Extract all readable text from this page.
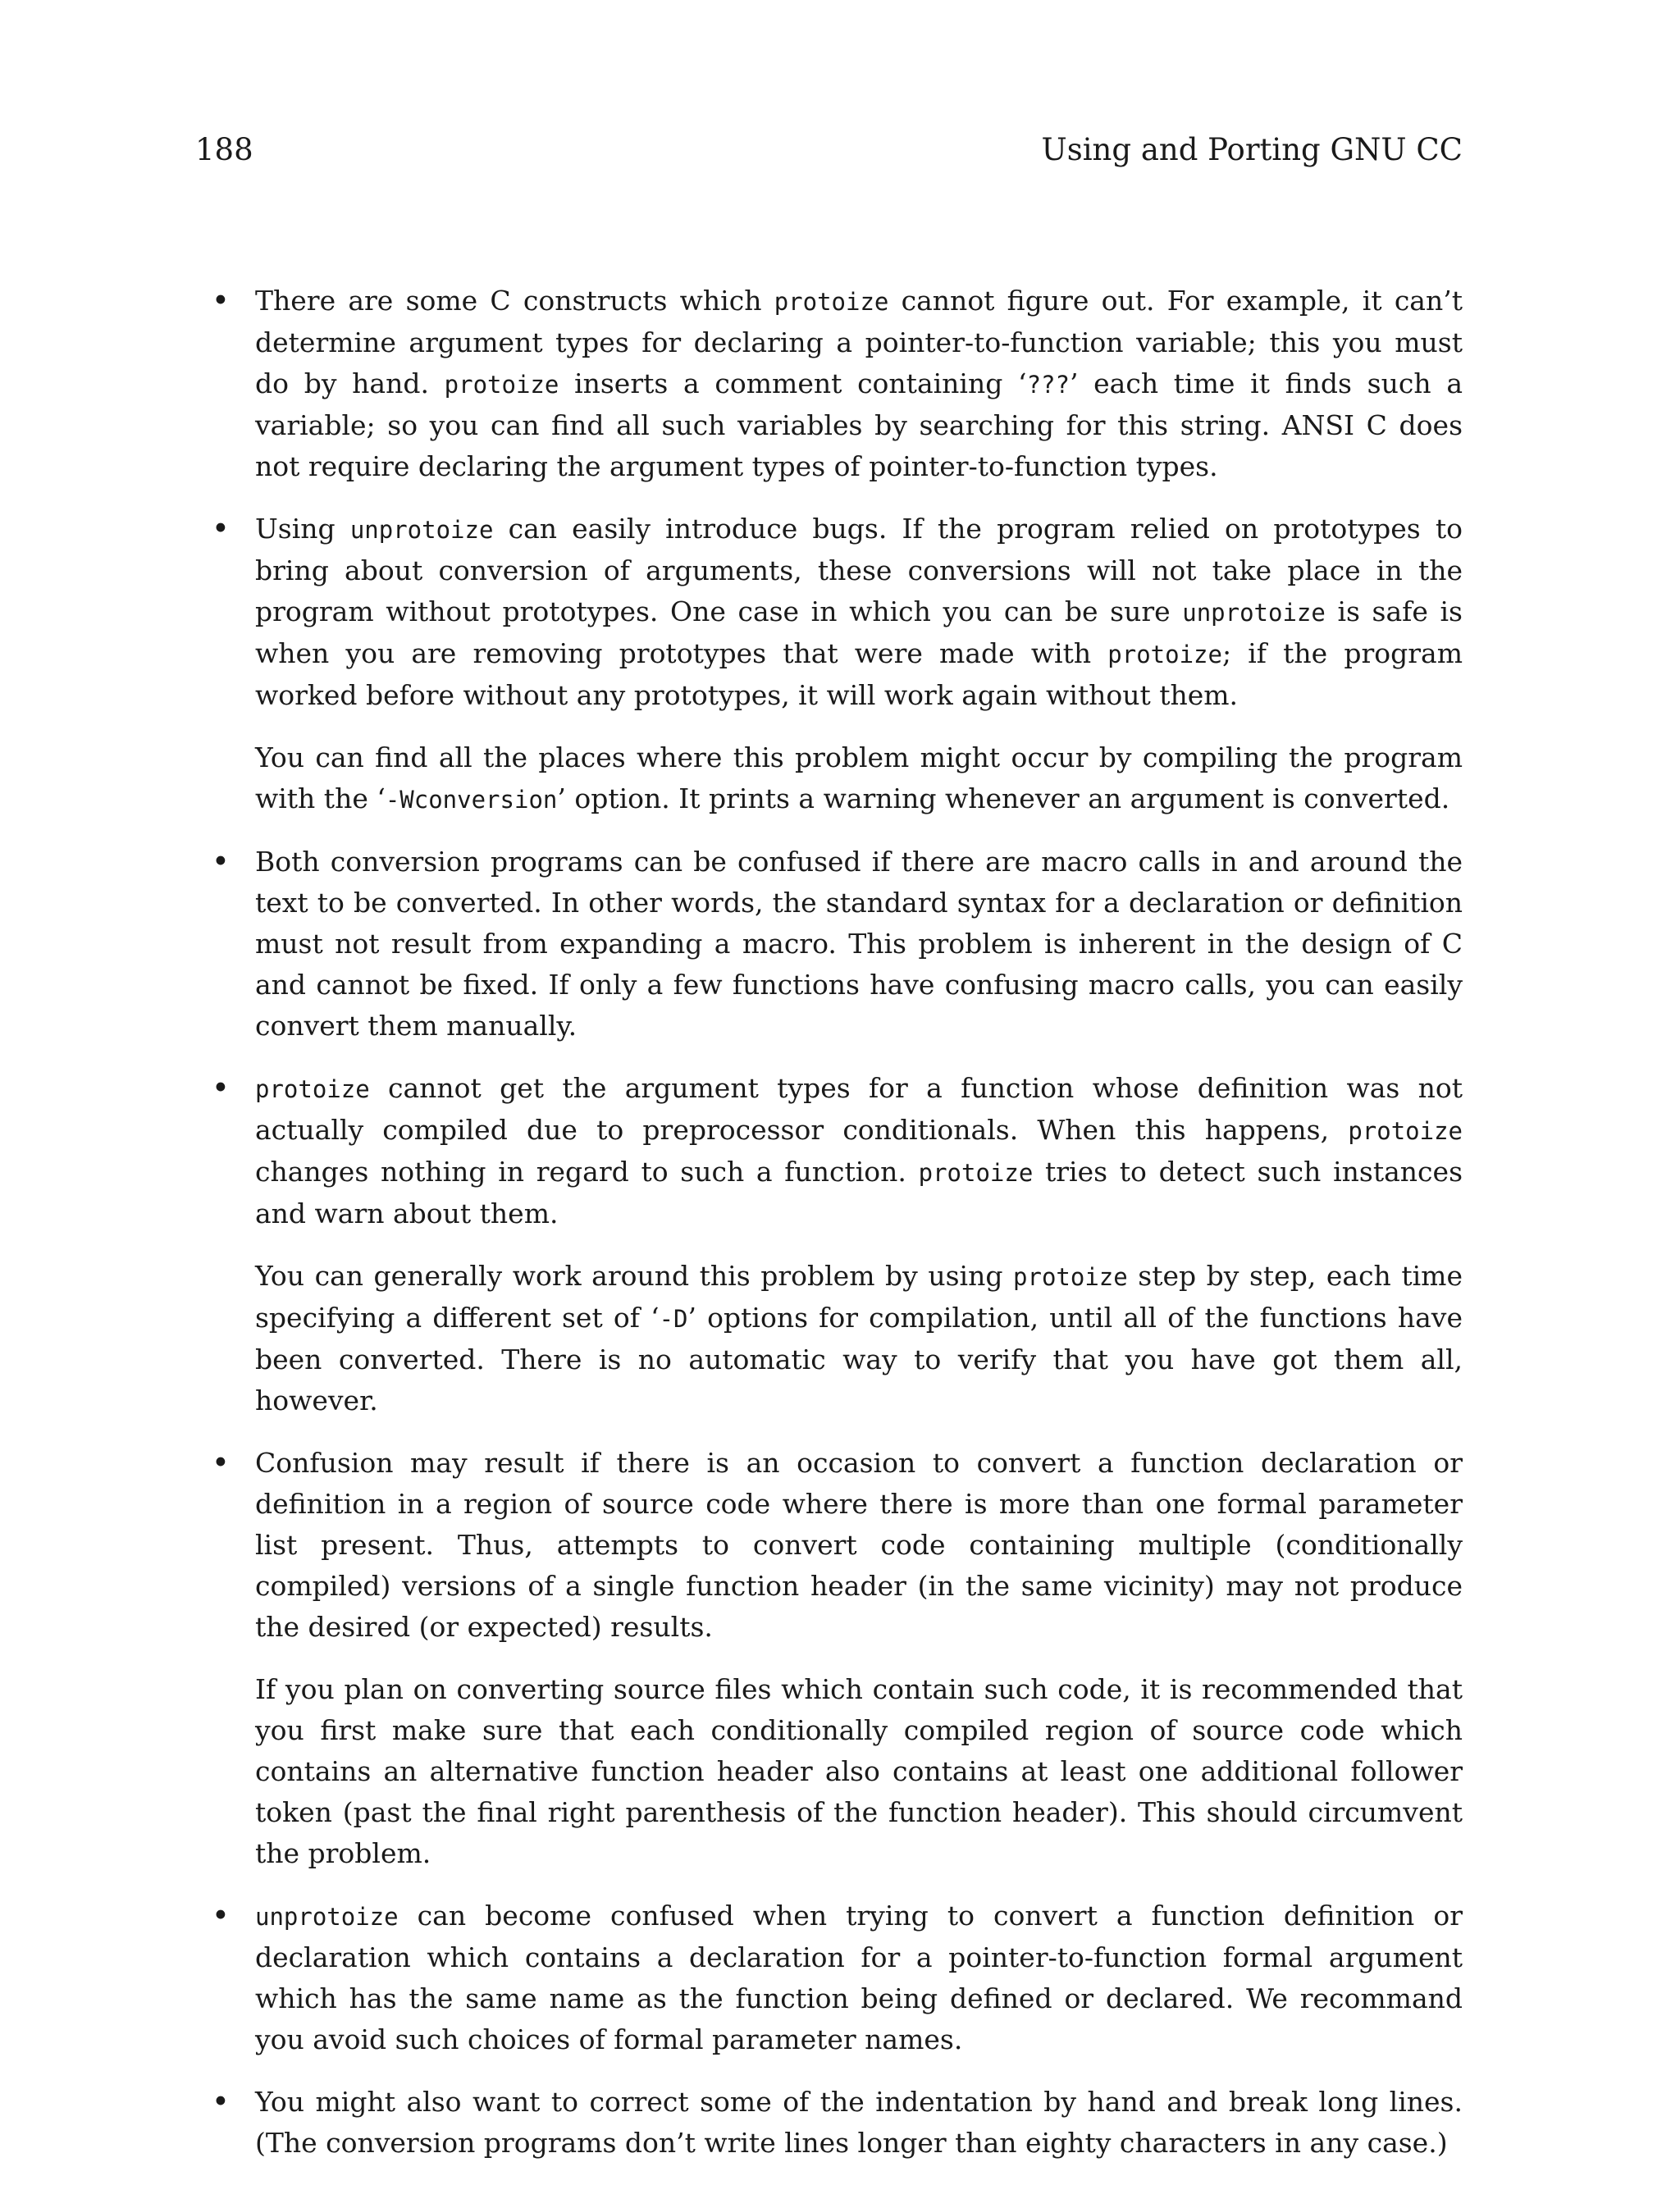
188	Using and Porting GNU CC
• There are some C constructs which protoize cannot figure out. For example, it can’t determine argument types for declaring a pointer-to-function variable; this you must do by hand. protoize inserts a comment containing ‘???’ each time it finds such a variable; so you can find all such variables by searching for this string. ANSI C does not require declaring the argument types of pointer-to-function types.

• Using unprotoize can easily introduce bugs. If the program relied on prototypes to bring about conversion of arguments, these conversions will not take place in the program without prototypes. One case in which you can be sure unprotoize is safe is when you are removing prototypes that were made with protoize; if the program worked before without any prototypes, it will work again without them.

You can find all the places where this problem might occur by compiling the program with the ‘-Wconversion’ option. It prints a warning whenever an argument is converted.

• Both conversion programs can be confused if there are macro calls in and around the text to be converted. In other words, the standard syntax for a declaration or definition must not result from expanding a macro. This problem is inherent in the design of C and cannot be fixed. If only a few functions have confusing macro calls, you can easily convert them manually.

• protoize cannot get the argument types for a function whose definition was not actually compiled due to preprocessor conditionals. When this happens, protoize changes nothing in regard to such a function. protoize tries to detect such instances and warn about them.

You can generally work around this problem by using protoize step by step, each time specifying a different set of ‘-D’ options for compilation, until all of the functions have been converted. There is no automatic way to verify that you have got them all, however.

• Confusion may result if there is an occasion to convert a function declaration or definition in a region of source code where there is more than one formal parameter list present. Thus, attempts to convert code containing multiple (conditionally compiled) versions of a single function header (in the same vicinity) may not produce the desired (or expected) results.

If you plan on converting source files which contain such code, it is recommended that you first make sure that each conditionally compiled region of source code which contains an alternative function header also contains at least one additional follower token (past the final right parenthesis of the function header). This should circumvent the problem.

• unprotoize can become confused when trying to convert a function definition or declaration which contains a declaration for a pointer-to-function formal argument which has the same name as the function being defined or declared. We recommand you avoid such choices of formal parameter names.

• You might also want to correct some of the indentation by hand and break long lines. (The conversion programs don’t write lines longer than eighty characters in any case.)
